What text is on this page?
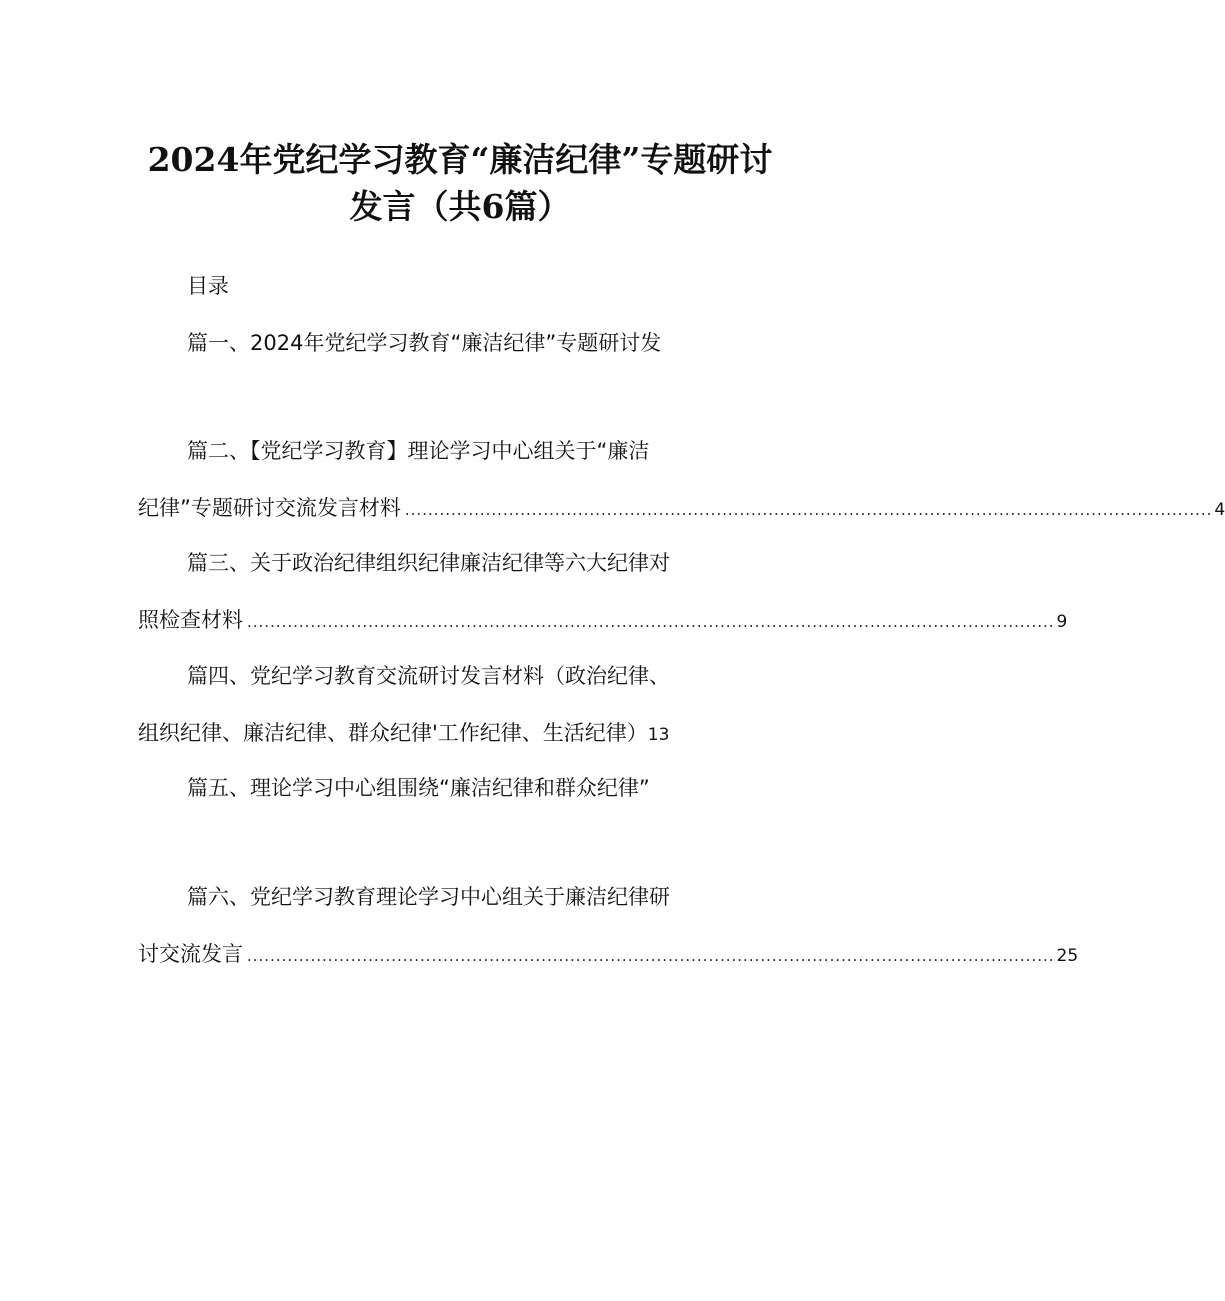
2024年党纪学习教育“廉洁纪律”专题研讨
发言（共6篇）
目录
篇一、2024年党纪学习教育“廉洁纪律”专题研讨发
篇二、【党纪学习教育】理论学习中心组关于“廉洁
纪律”专题研讨交流发言材料 ............................................................................................................................................ 4
篇三、关于政治纪律组织纪律廉洁纪律等六大纪律对
照检查材料 ............................................................................................................................................ 9
篇四、党纪学习教育交流研讨发言材料（政治纪律、
组织纪律、廉洁纪律、群众纪律'工作纪律、生活纪律） 13
篇五、理论学习中心组围绕“廉洁纪律和群众纪律”
篇六、党纪学习教育理论学习中心组关于廉洁纪律研
讨交流发言 ............................................................................................................................................ 25
